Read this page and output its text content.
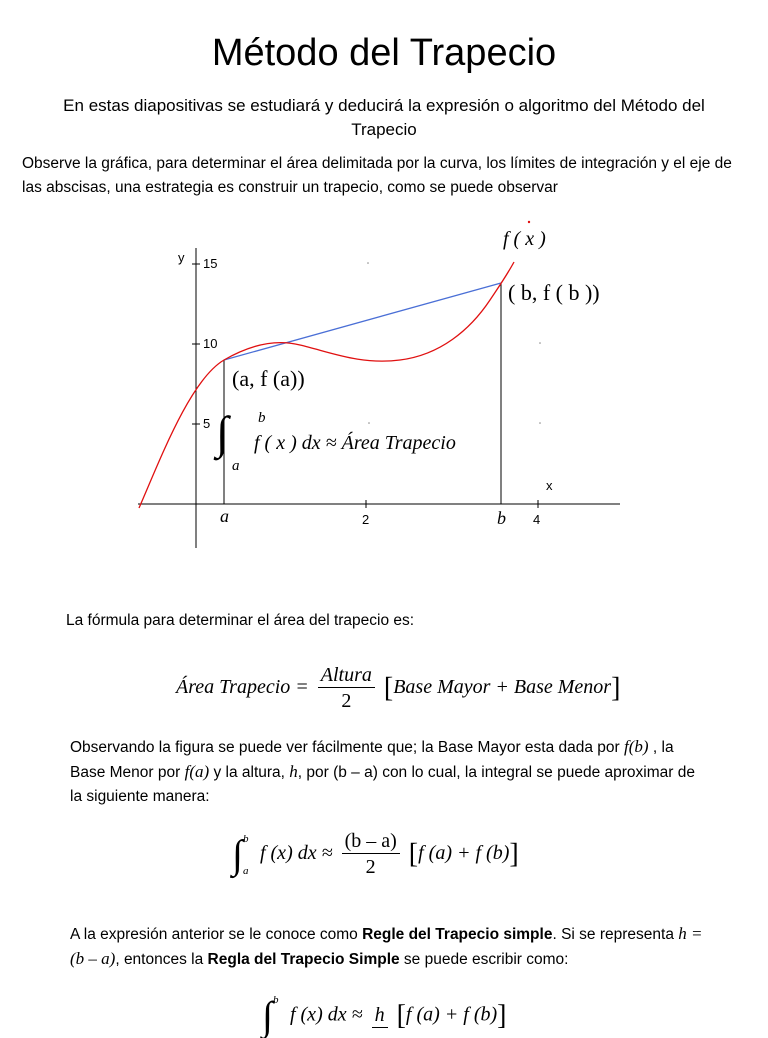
Método del Trapecio
En estas diapositivas se estudiará y deducirá la expresión o algoritmo del Método del Trapecio
Observe la gráfica, para determinar el área delimitada por la curva, los límites de integración y el eje de las abscisas, una estrategia es construir un trapecio, como se puede observar
y
x
15
10
5
2	4
a	b
f ( x )
( b, f ( b ))
(a, f (a))
∫ b
a
f ( x ) dx ≈ Área Trapecio
La fórmula para determinar el área del trapecio es:
Área Trapecio = $\frac{\text{Altura}}{2}$ [Base Mayor + Base Menor]
Observando la figura se puede ver fácilmente que; la Base Mayor esta dada por f(b) , la Base Menor por f(a) y la altura, h, por (b – a) con lo cual, la integral se puede aproximar de la siguiente manera:
∫ b
a
f (x) dx ≈ $\frac{(b - a)}{2} [f$ (a) + f (b)]
A la expresión anterior se le conoce como Regle del Trapecio simple. Si se representa h = (b – a), entonces la Regla del Trapecio Simple se puede escribir como:
∫ b
f (x) dx ≈ h [f (a) + f (b)]
